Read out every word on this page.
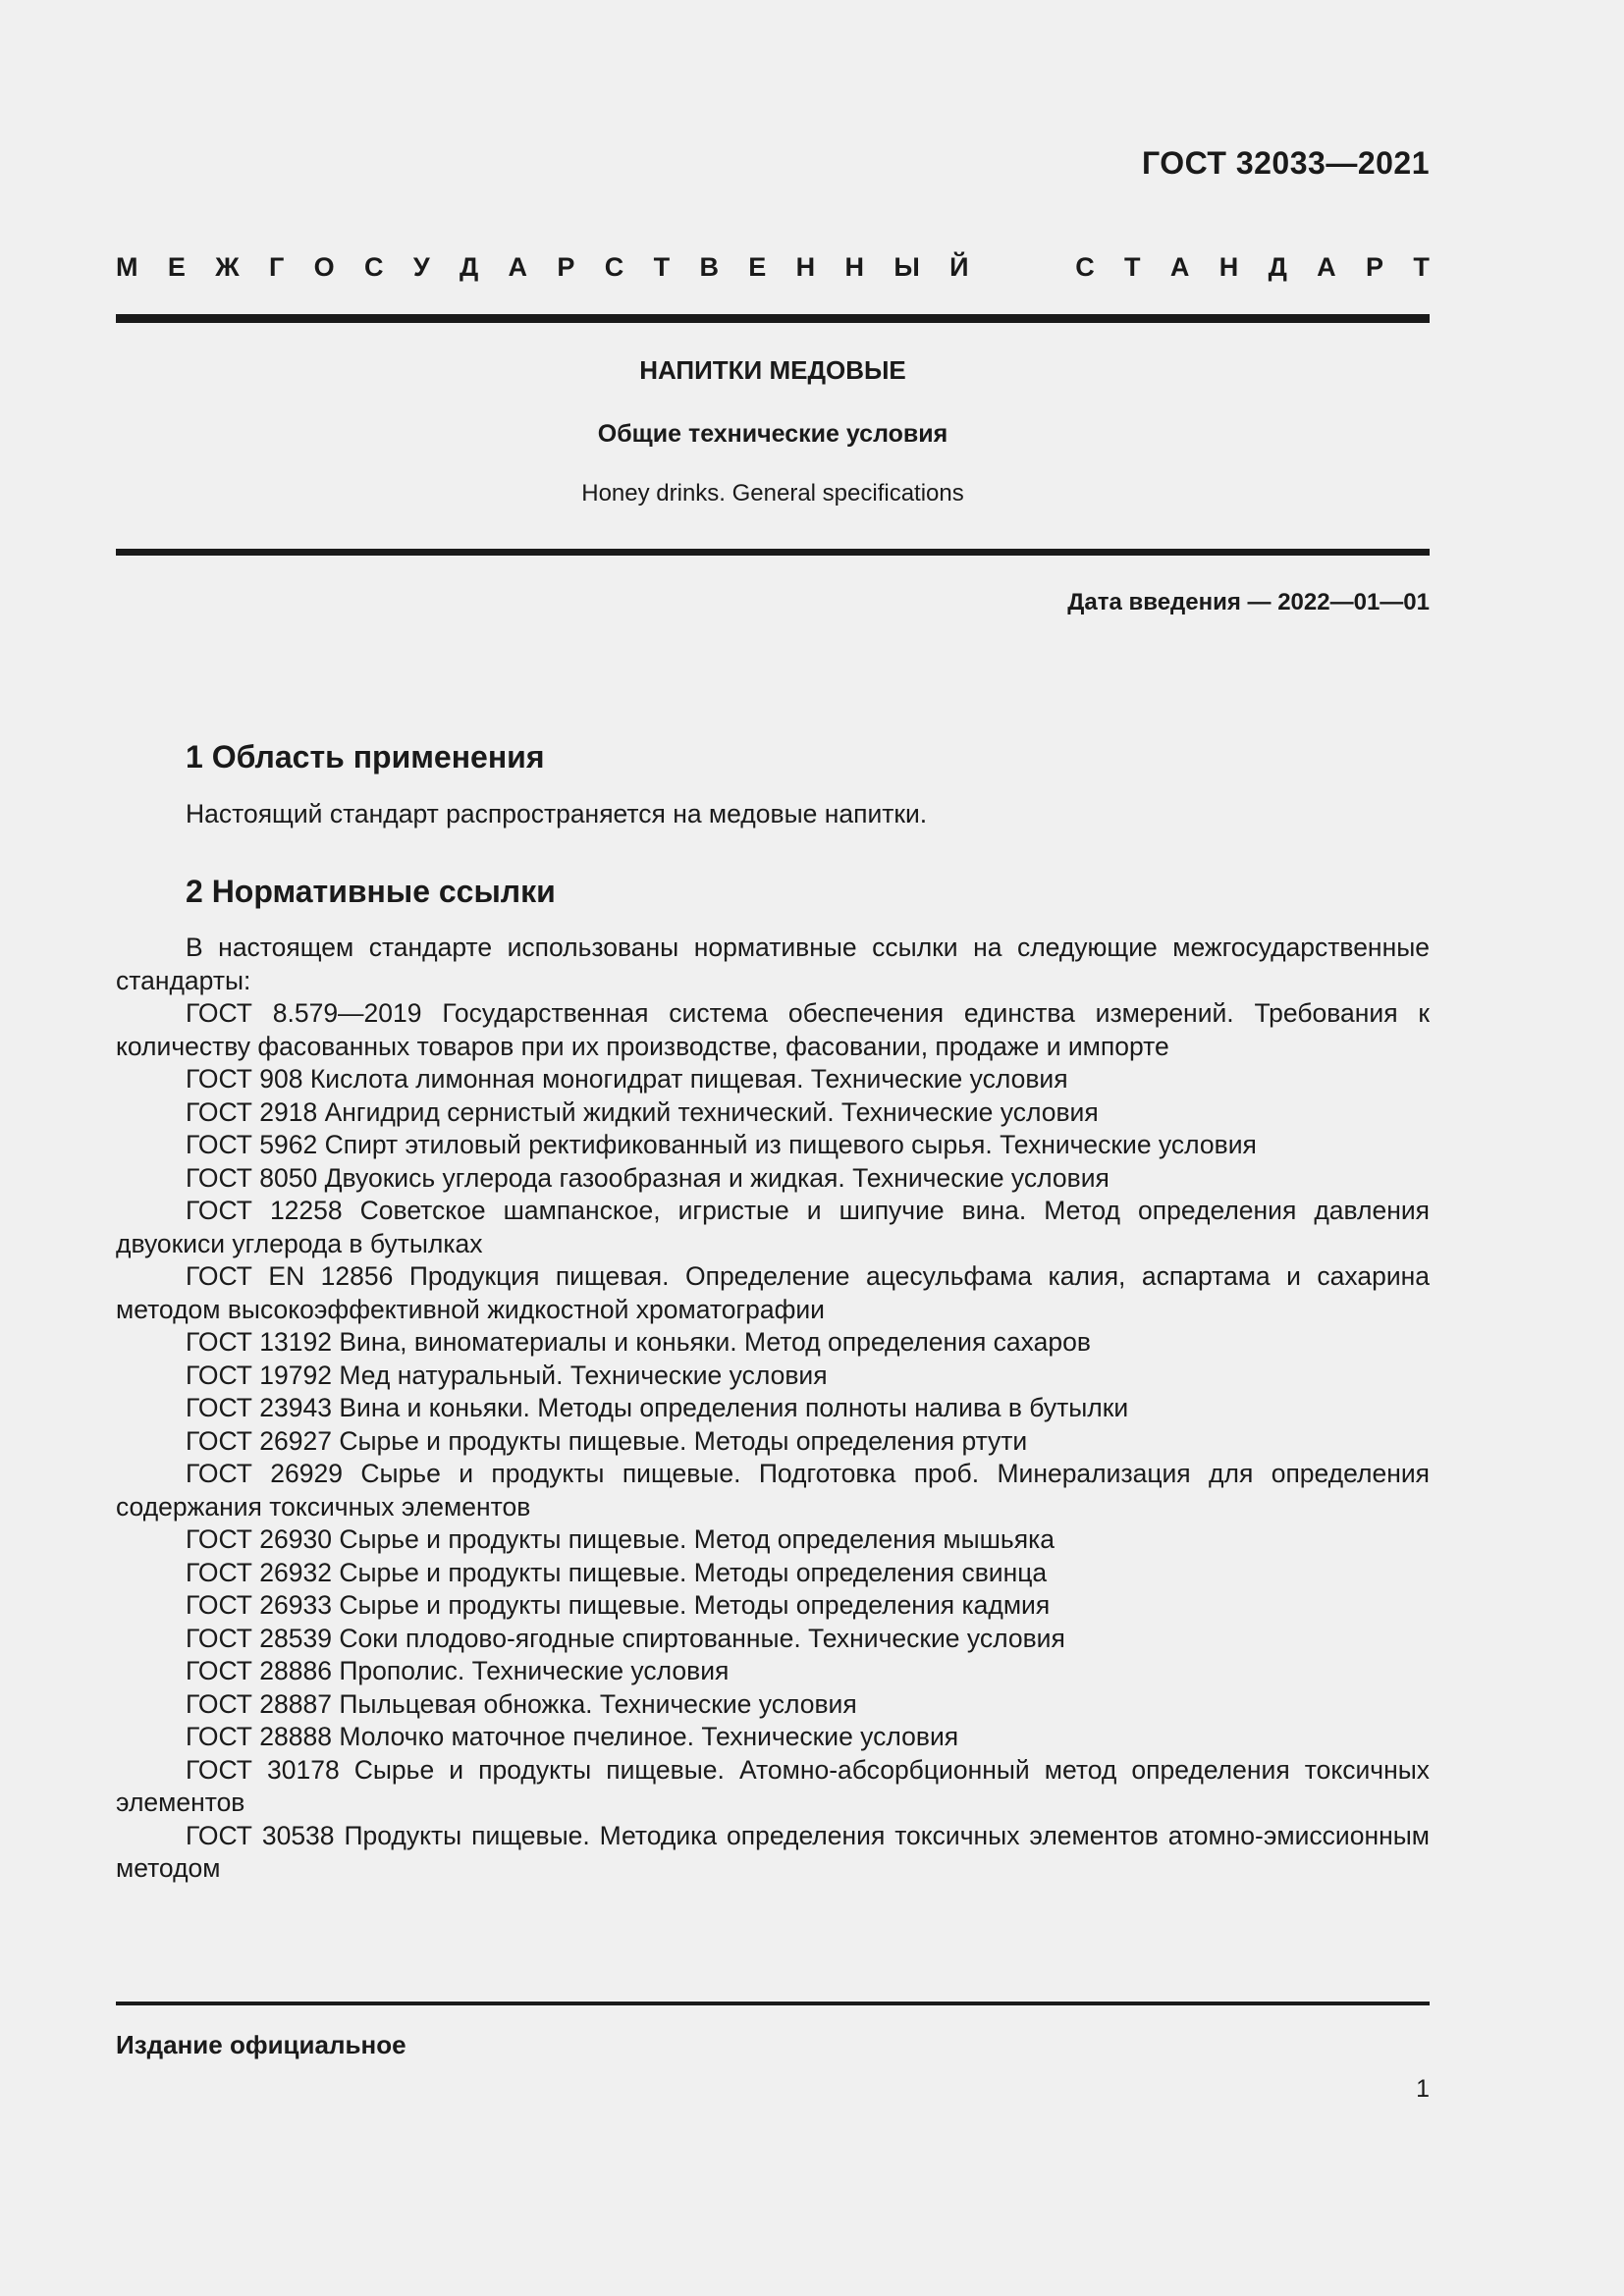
ГОСТ 32033—2021
М Е Ж Г О С У Д А Р С Т В Е Н Н Ы Й	С Т А Н Д А Р Т
НАПИТКИ МЕДОВЫЕ
Общие технические условия
Honey drinks. General specifications
Дата введения — 2022—01—01
1 Область применения

Настоящий стандарт распространяется на медовые напитки.

2 Нормативные ссылки

В настоящем стандарте использованы нормативные ссылки на следующие межгосударственные стандарты:

ГОСТ 8.579—2019 Государственная система обеспечения единства измерений. Требования к количеству фасованных товаров при их производстве, фасовании, продаже и импорте

ГОСТ 908 Кислота лимонная моногидрат пищевая. Технические условия

ГОСТ 2918 Ангидрид сернистый жидкий технический. Технические условия

ГОСТ 5962 Спирт этиловый ректификованный из пищевого сырья. Технические условия

ГОСТ 8050 Двуокись углерода газообразная и жидкая. Технические условия

ГОСТ 12258 Советское шампанское, игристые и шипучие вина. Метод определения давления двуокиси углерода в бутылках

ГОСТ EN 12856 Продукция пищевая. Определение ацесульфама калия, аспартама и сахарина методом высокоэффективной жидкостной хроматографии

ГОСТ 13192 Вина, виноматериалы и коньяки. Метод определения сахаров

ГОСТ 19792 Мед натуральный. Технические условия

ГОСТ 23943 Вина и коньяки. Методы определения полноты налива в бутылки

ГОСТ 26927 Сырье и продукты пищевые. Методы определения ртути

ГОСТ 26929 Сырье и продукты пищевые. Подготовка проб. Минерализация для определения содержания токсичных элементов

ГОСТ 26930 Сырье и продукты пищевые. Метод определения мышьяка

ГОСТ 26932 Сырье и продукты пищевые. Методы определения свинца

ГОСТ 26933 Сырье и продукты пищевые. Методы определения кадмия

ГОСТ 28539 Соки плодово-ягодные спиртованные. Технические условия

ГОСТ 28886 Прополис. Технические условия

ГОСТ 28887 Пыльцевая обножка. Технические условия

ГОСТ 28888 Молочко маточное пчелиное. Технические условия

ГОСТ 30178 Сырье и продукты пищевые. Атомно-абсорбционный метод определения токсичных элементов

ГОСТ 30538 Продукты пищевые. Методика определения токсичных элементов атомно-эмиссионным методом

Издание официальное
1
